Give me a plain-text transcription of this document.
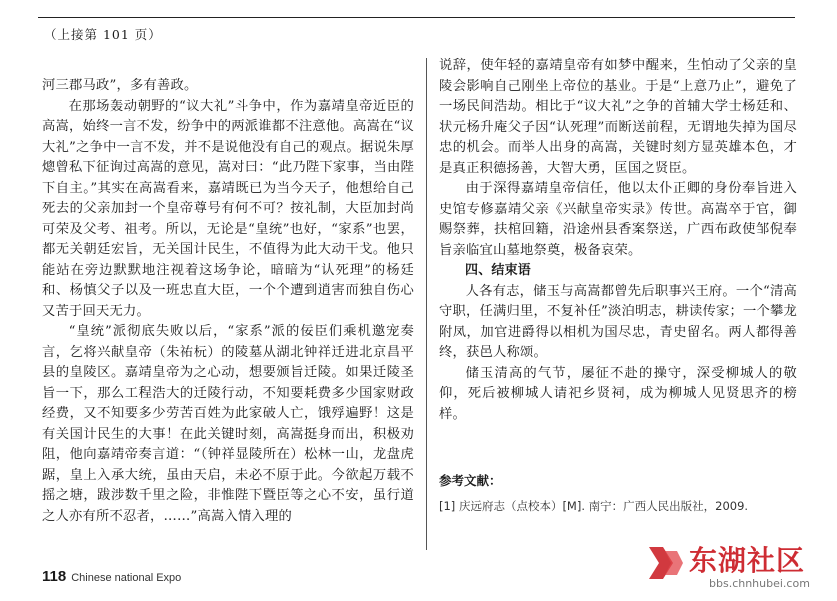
（上接第 101 页）

河三郡马政”，多有善政。

在那场轰动朝野的“议大礼”斗争中，作为嘉靖皇帝近臣的高嵩，始终一言不发，纷争中的两派谁都不注意他。高嵩在“议大礼”之争中一言不发，并不是说他没有自己的观点。据说朱厚熜曾私下征询过高嵩的意见，嵩对曰：“此乃陛下家事，当由陛下自主。”其实在高嵩看来，嘉靖既已为当今天子，他想给自己死去的父亲加封一个皇帝尊号有何不可？按礼制，大臣加封尚可荣及父考、祖考。所以，无论是“皇统”也好，“家系”也罢，都无关朝廷宏旨，无关国计民生，不值得为此大动干戈。他只能站在旁边默默地注视着这场争论，暗暗为“认死理”的杨廷和、杨慎父子以及一班忠直大臣，一个个遭到逍害而独自伤心又苦于回天无力。

“皇统”派彻底失败以后，“家系”派的佞臣们乘机邀宠奏言，乞将兴献皇帝（朱祐杬）的陵墓从湖北钟祥迁进北京昌平县的皇陵区。嘉靖皇帝为之心动，想要颁旨迁陵。如果迁陵圣旨一下，那么工程浩大的迁陵行动，不知要耗费多少国家财政经费，又不知要多少劳苦百姓为此家破人亡，饿殍遍野！这是有关国计民生的大事！在此关键时刻，高嵩挺身而出，积极劝阻，他向嘉靖帝奏言道：“（钟祥显陵所在）松林一山，龙盘虎踞，皇上入承大统，虽由天启，未必不原于此。今欲起万载不摇之塘，跋涉数千里之险，非惟陛下暨臣等之心不安，虽行道之人亦有所不忍者，……”高嵩入情入理的

说辞，使年轻的嘉靖皇帝有如梦中醒来，生怕动了父亲的皇陵会影响自己刚坐上帝位的基业。于是“上意乃止”，避免了一场民间浩劫。相比于“议大礼”之争的首辅大学士杨廷和、状元杨升庵父子因“认死理”而断送前程，无谓地失掉为国尽忠的机会。而举人出身的高嵩，关键时刻方显英雄本色，才是真正积德扬善，大智大勇，匡国之贤臣。

由于深得嘉靖皇帝信任，他以太仆正卿的身份奉旨进入史馆专修嘉靖父亲《兴献皇帝实录》传世。高嵩卒于官，御赐祭葬，扶棺回籍，沿途州县香案祭送，广西布政使邹倪奉旨亲临宜山墓地祭奠，极备哀荣。

四、结束语

人各有志，储玉与高嵩都曾先后职事兴王府。一个“清高守职，任满归里，不复补任”淡泊明志，耕读传家；一个攀龙附凤，加官进爵得以相机为国尽忠，青史留名。两人都得善终，获邑人称颂。

储玉清高的气节，屡征不赴的操守，深受柳城人的敬仰，死后被柳城人请祀乡贤祠，成为柳城人见贤思齐的榜样。

参考文献：
[1] 庆远府志（点校本）[M]. 南宁：广西人民出版社，2009.
118 Chinese national Expo
东湖社区
bbs.chnhubei.com
